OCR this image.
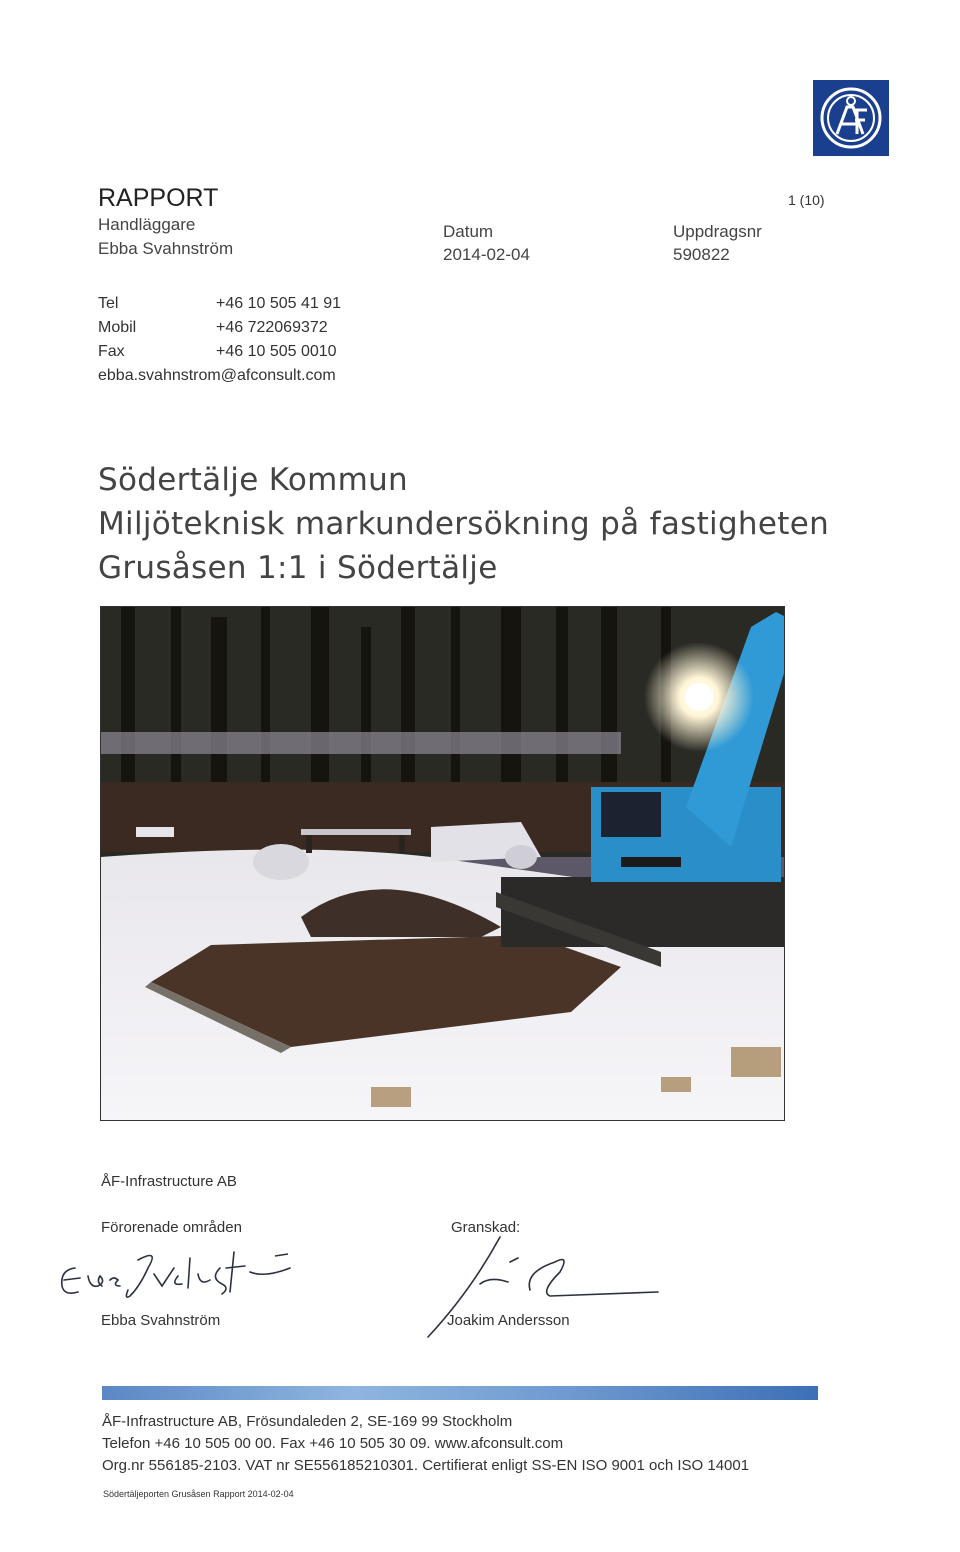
RAPPORT
Handläggare
Ebba Svahnström
Datum
2014-02-04
Uppdragsnr
590822
1 (10)
Tel	+46 10 505 41 91
Mobil	+46 722069372
Fax	+46 10 505 0010
ebba.svahnstrom@afconsult.com
Södertälje Kommun
Miljöteknisk markundersökning på fastigheten
Grusåsen 1:1 i Södertälje
ÅF-Infrastructure AB
Förorenade områden	Granskad:
Ebba Svahnström	Joakim Andersson
ÅF-Infrastructure AB, Frösundaleden 2, SE-169 99 Stockholm
Telefon +46 10 505 00 00. Fax +46 10 505 30 09. www.afconsult.com
Org.nr 556185-2103. VAT nr SE556185210301. Certifierat enligt SS-EN ISO 9001 och ISO 14001
Södertäljeporten Grusåsen Rapport 2014-02-04
